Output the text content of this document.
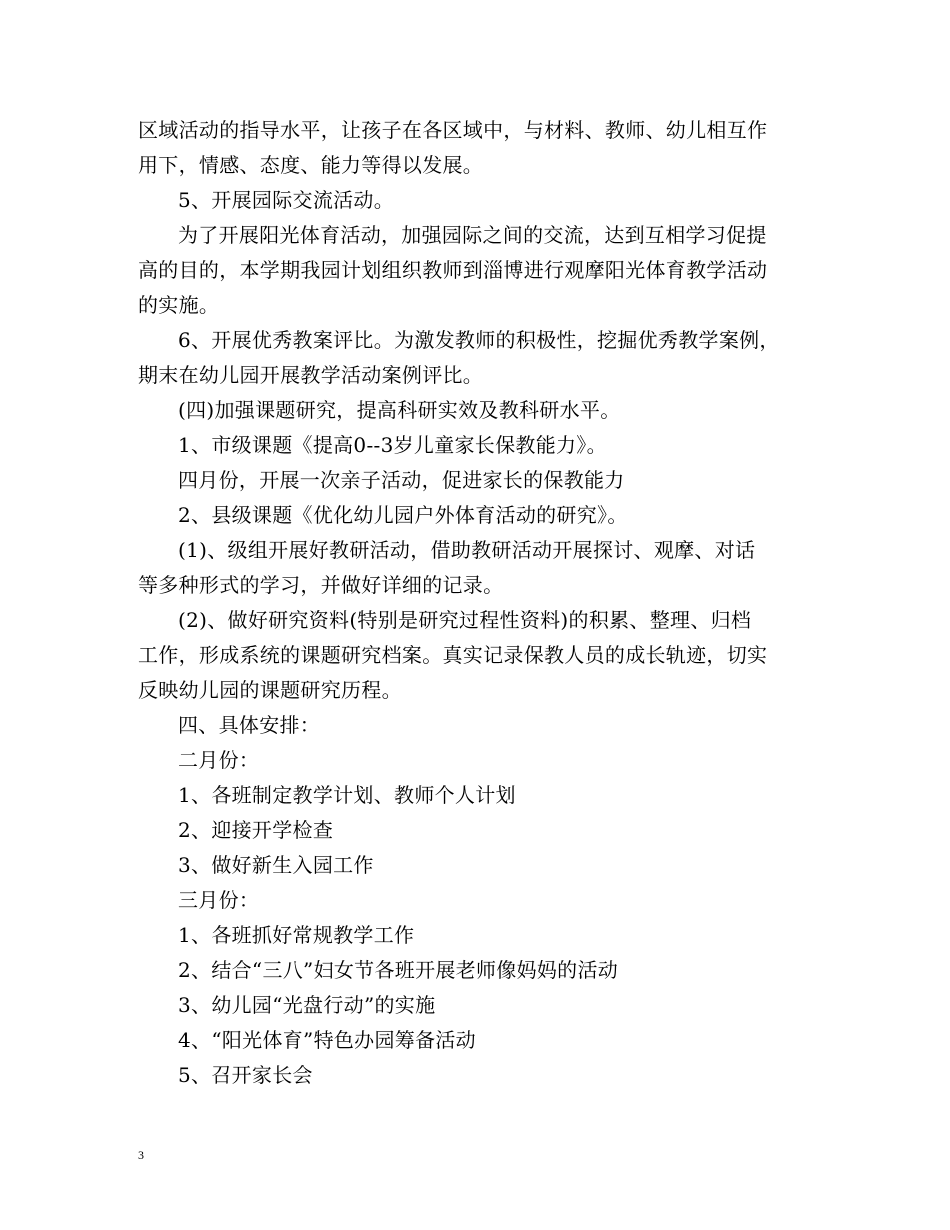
区域活动的指导水平，让孩子在各区域中，与材料、教师、幼儿相互作
用下，情感、态度、能力等得以发展。
5、开展园际交流活动。
为了开展阳光体育活动，加强园际之间的交流，达到互相学习促提
高的目的，本学期我园计划组织教师到淄博进行观摩阳光体育教学活动
的实施。
6、开展优秀教案评比。为激发教师的积极性，挖掘优秀教学案例，
期末在幼儿园开展教学活动案例评比。
(四)加强课题研究，提高科研实效及教科研水平。
1、市级课题《提高0--3岁儿童家长保教能力》。
四月份，开展一次亲子活动，促进家长的保教能力
2、县级课题《优化幼儿园户外体育活动的研究》。
(1)、级组开展好教研活动，借助教研活动开展探讨、观摩、对话
等多种形式的学习，并做好详细的记录。
(2)、做好研究资料(特别是研究过程性资料)的积累、整理、归档
工作，形成系统的课题研究档案。真实记录保教人员的成长轨迹，切实
反映幼儿园的课题研究历程。
四、具体安排：
二月份：
1、各班制定教学计划、教师个人计划
2、迎接开学检查
3、做好新生入园工作
三月份：
1、各班抓好常规教学工作
2、结合“三八”妇女节各班开展老师像妈妈的活动
3、幼儿园“光盘行动”的实施
4、“阳光体育”特色办园筹备活动
5、召开家长会
3
